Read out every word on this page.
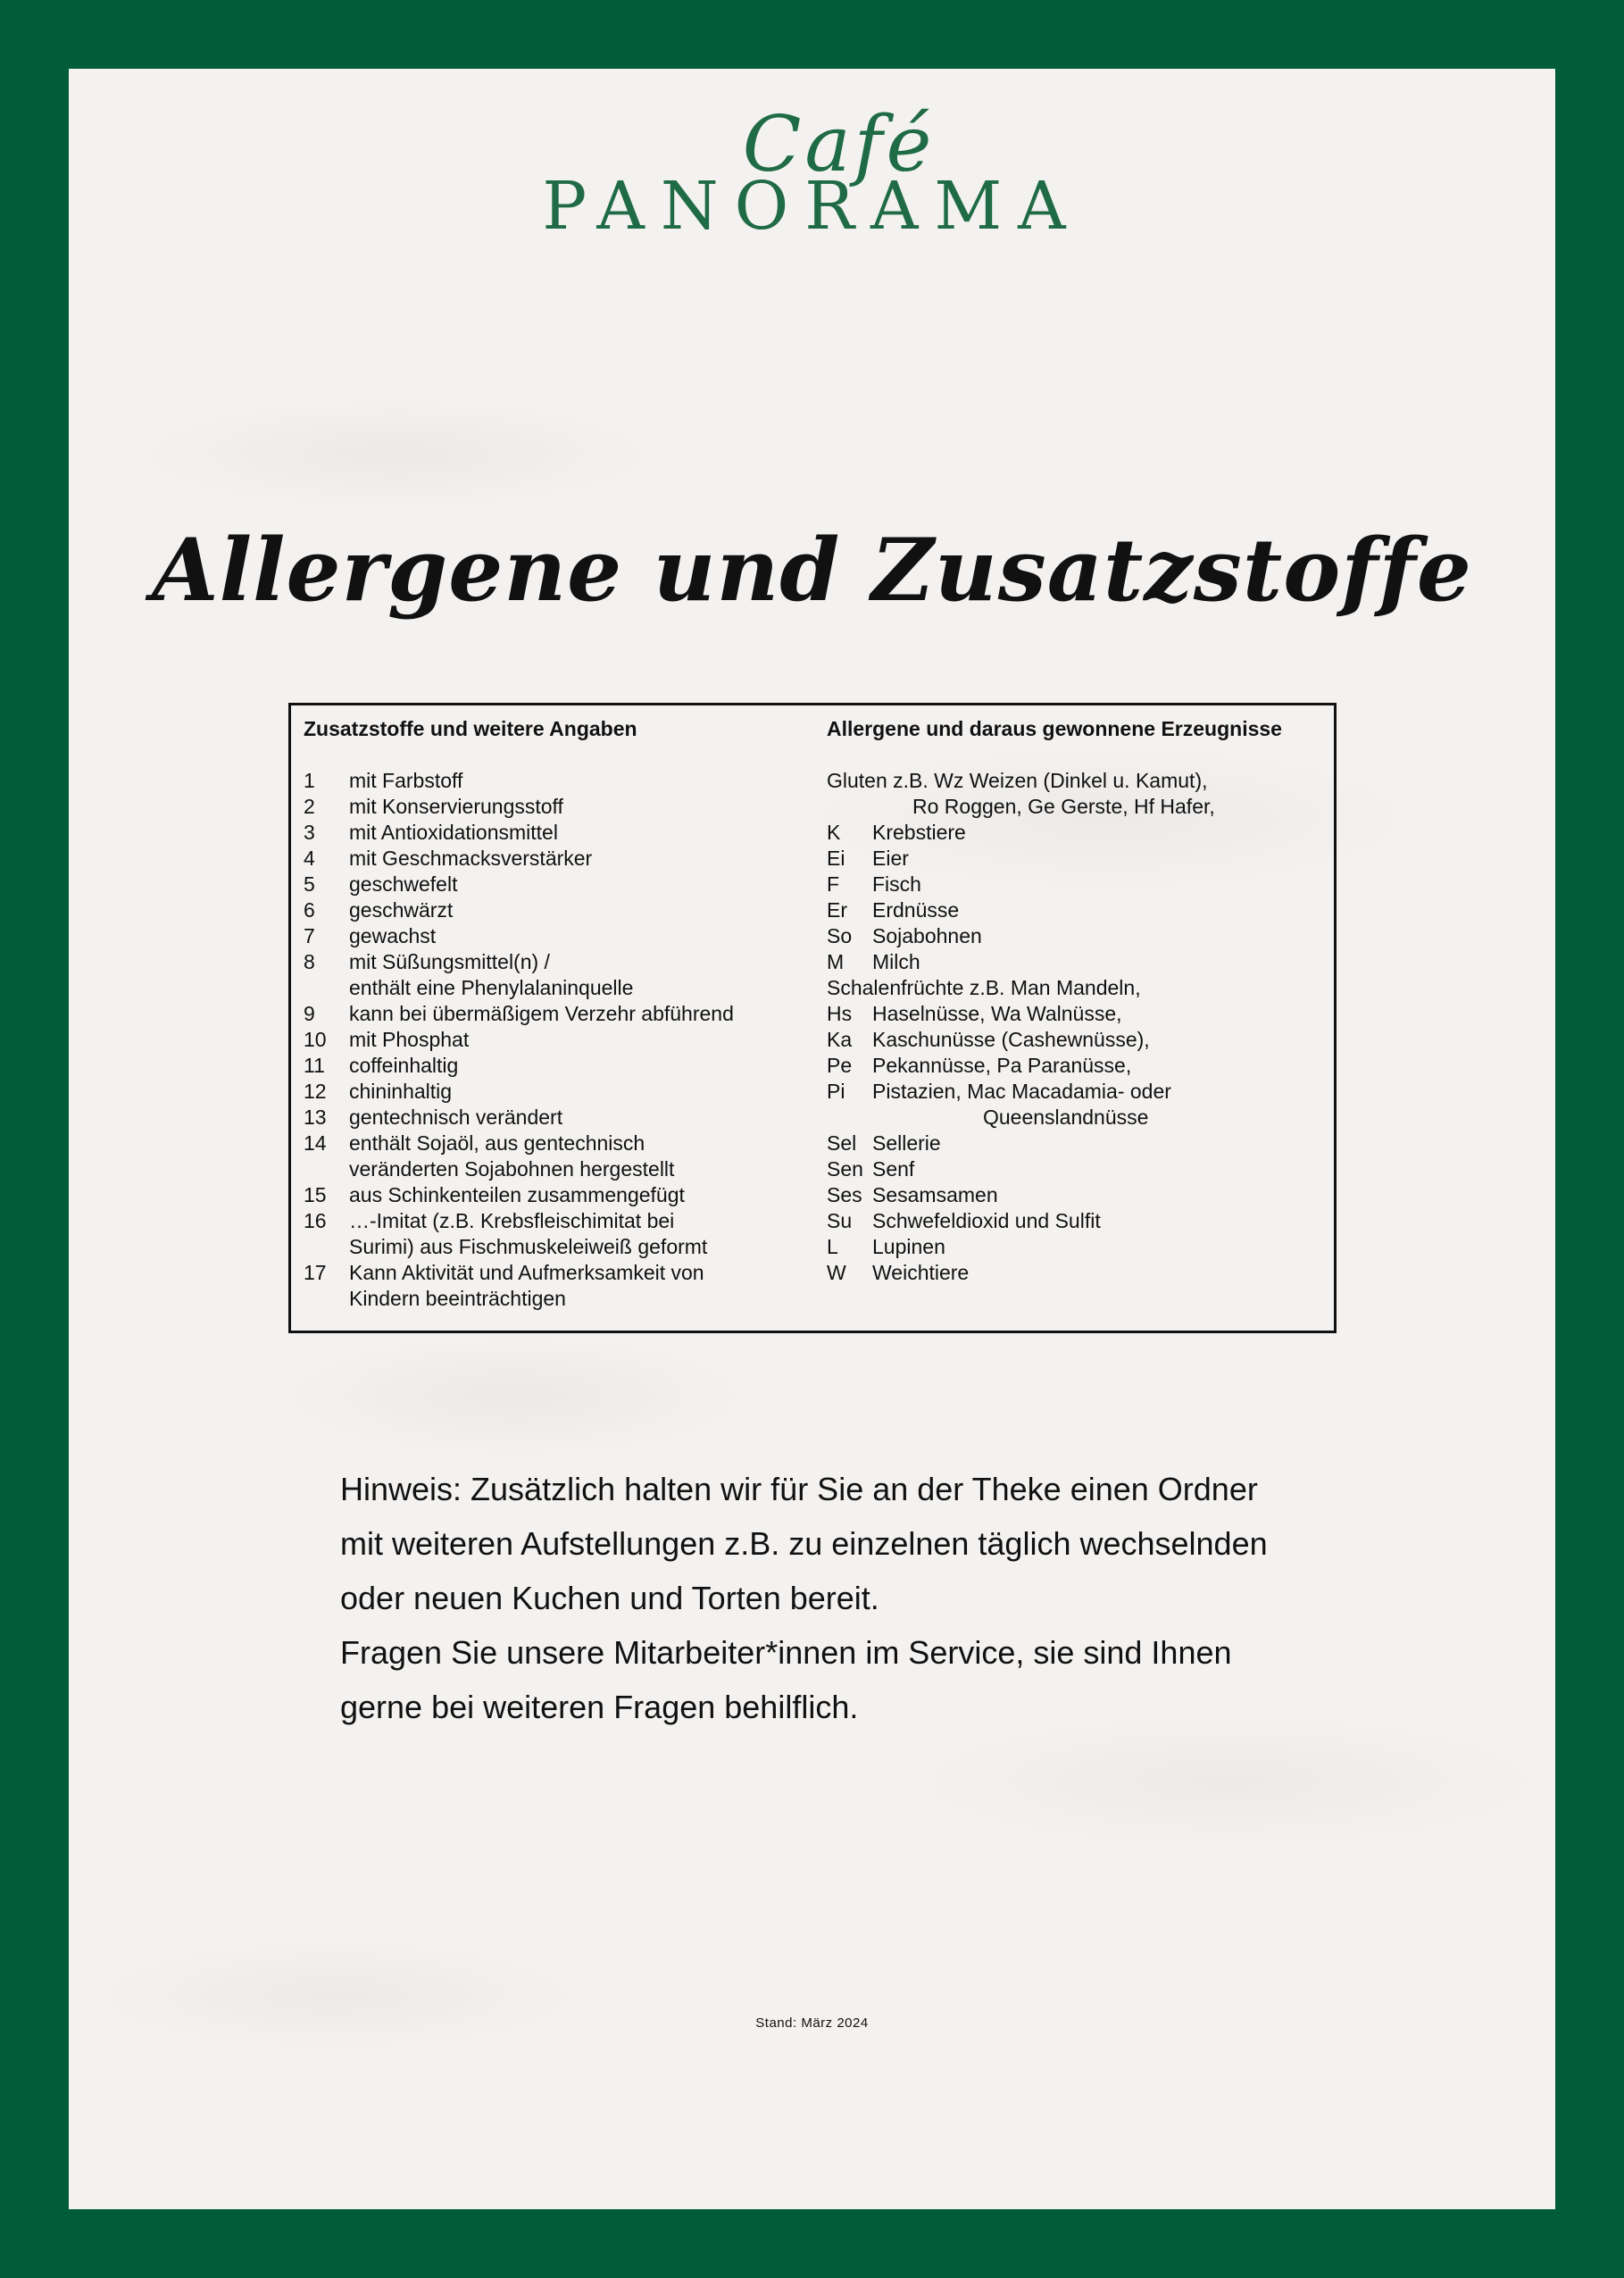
Café
PANORAMA
Allergene und Zusatzstoffe
Zusatzstoffe und weitere Angaben
1	mit Farbstoff
2	mit Konservierungsstoff
3	mit Antioxidationsmittel
4	mit Geschmacksverstärker
5	geschwefelt
6	geschwärzt
7	gewachst
8	mit Süßungsmittel(n) /
enthält eine Phenylalaninquelle
9	kann bei übermäßigem Verzehr abführend
10	mit Phosphat
11	coffeinhaltig
12	chininhaltig
13	gentechnisch verändert
14	enthält Sojaöl, aus gentechnisch
veränderten Sojabohnen hergestellt
15	aus Schinkenteilen zusammengefügt
16	…-Imitat (z.B. Krebsfleischimitat bei
Surimi) aus Fischmuskeleiweiß geformt
17	Kann Aktivität und Aufmerksamkeit von
Kindern beeinträchtigen
Allergene und daraus gewonnene Erzeugnisse
Gluten z.B. Wz Weizen (Dinkel u. Kamut),
Ro Roggen, Ge Gerste, Hf Hafer,
K	Krebstiere
Ei	Eier
F	Fisch
Er	Erdnüsse
So Sojabohnen
M	Milch
Schalenfrüchte z.B. Man Mandeln,
Hs Haselnüsse, Wa Walnüsse,
Ka Kaschunüsse (Cashewnüsse),
Pe Pekannüsse, Pa Paranüsse,
Pi	Pistazien, Mac Macadamia- oder
Queenslandnüsse
Sel Sellerie
Sen Senf
Ses Sesamsamen
Su Schwefeldioxid und Sulfit
L	Lupinen
W	Weichtiere

Hinweis: Zusätzlich halten wir für Sie an der Theke einen Ordner

mit weiteren Aufstellungen z.B. zu einzelnen täglich wechselnden

oder neuen Kuchen und Torten bereit.

Fragen Sie unsere Mitarbeiter*innen im Service, sie sind Ihnen

gerne bei weiteren Fragen behilflich.

Stand: März 2024
